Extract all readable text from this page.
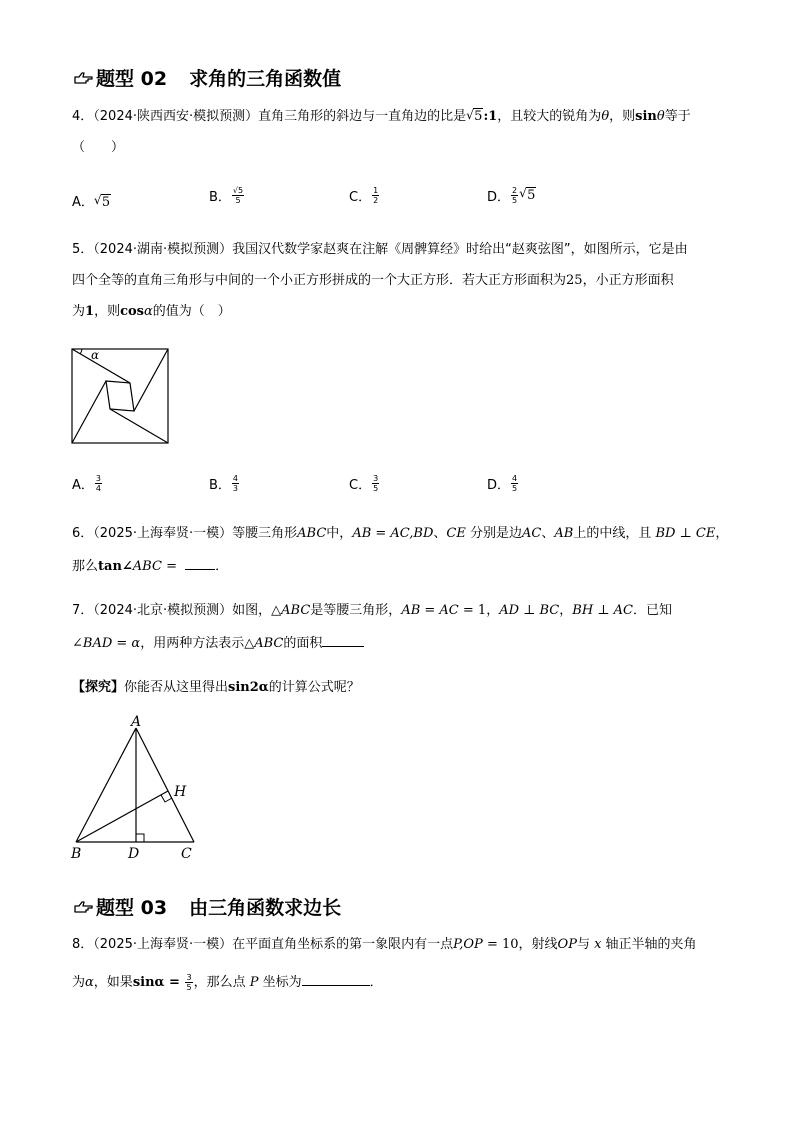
题型 02 求角的三角函数值
4．（2024·陕西西安·模拟预测）直角三角形的斜边与一直角边的比是 √ 5:1，且较大的锐角为θ，则sinθ等于
（　　）
A． √ 5	B． $\frac{√5}{5}$	C． $\frac{1}{2}$	D． $\frac{2}{5}$ √ 5
5．（2024·湖南·模拟预测）我国汉代数学家赵爽在注解《周髀算经》时给出“赵爽弦图”，如图所示，它是由
四个全等的直角三角形与中间的一个小正方形拼成的一个大正方形．若大正方形面积为25，小正方形面积
为1，则cosα的值为（　）
α
A． $\frac{3}{4}$	B． $\frac{4}{3}$	C． $\frac{3}{5}$	D． $\frac{4}{5}$
6．（2025·上海奉贤·一模）等腰三角形ABC中，AB = AC,BD、CE 分别是边AC、AB上的中线，且 BD ⊥ CE，
那么tan∠ABC =	．
7．（2024·北京·模拟预测）如图，△ABC是等腰三角形，AB = AC = 1，AD ⊥ BC，BH ⊥ AC．已知
∠BAD = α，用两种方法表示△ABC的面积
【探究】你能否从这里得出sin2α的计算公式呢？
A
H
B	D	C
题型 03 由三角函数求边长
8．（2025·上海奉贤·一模）在平面直角坐标系的第一象限内有一点P,OP = 10，射线OP与 x 轴正半轴的夹角
为α，如果$\sin\alpha = \frac{3}{5}$ ，那么点 P 坐标为	．
